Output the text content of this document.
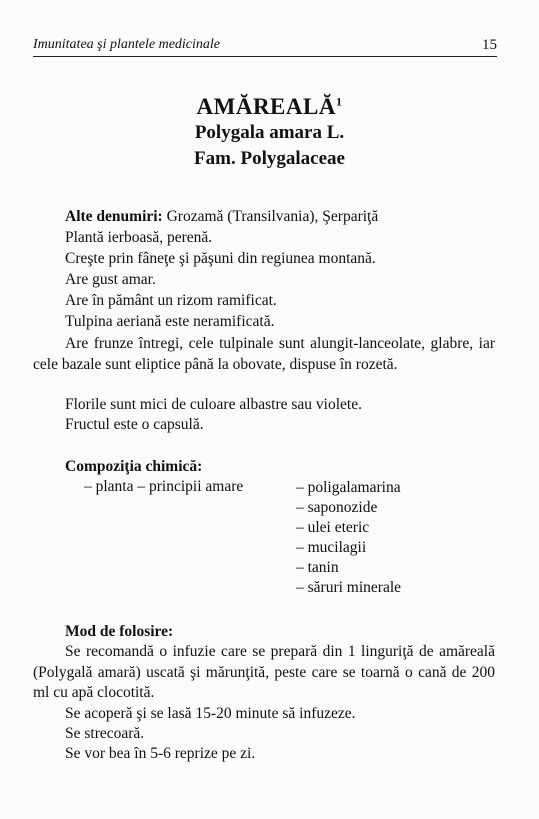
Imunitatea şi plantele medicinale	15
AMĂREALĂ$^1$
Polygala amara L.
Fam. Polygalaceae
Alte denumiri: Grozamă (Transilvania), Şerpariţă
Plantă ierboasă, perenă.
Creşte prin fâneţe şi păşuni din regiunea montană.
Are gust amar.
Are în pământ un rizom ramificat.
Tulpina aeriană este neramificată.
Are frunze întregi, cele tulpinale sunt alungit-lanceolate, glabre, iar cele bazale sunt eliptice până la obovate, dispuse în rozetă.
Florile sunt mici de culoare albastre sau violete.
Fructul este o capsulă.
Compoziţia chimică:
– planta – principii amare	– poligalamarina
– saponozide
– ulei eteric
– mucilagii
– tanin
– săruri minerale
Mod de folosire:
Se recomandă o infuzie care se prepară din 1 linguriţă de amăreală (Polygală amară) uscată şi mărunţită, peste care se toarnă o cană de 200 ml cu apă clocotită.
Se acoperă şi se lasă 15-20 minute să infuzeze.
Se strecoară.
Se vor bea în 5-6 reprize pe zi.
